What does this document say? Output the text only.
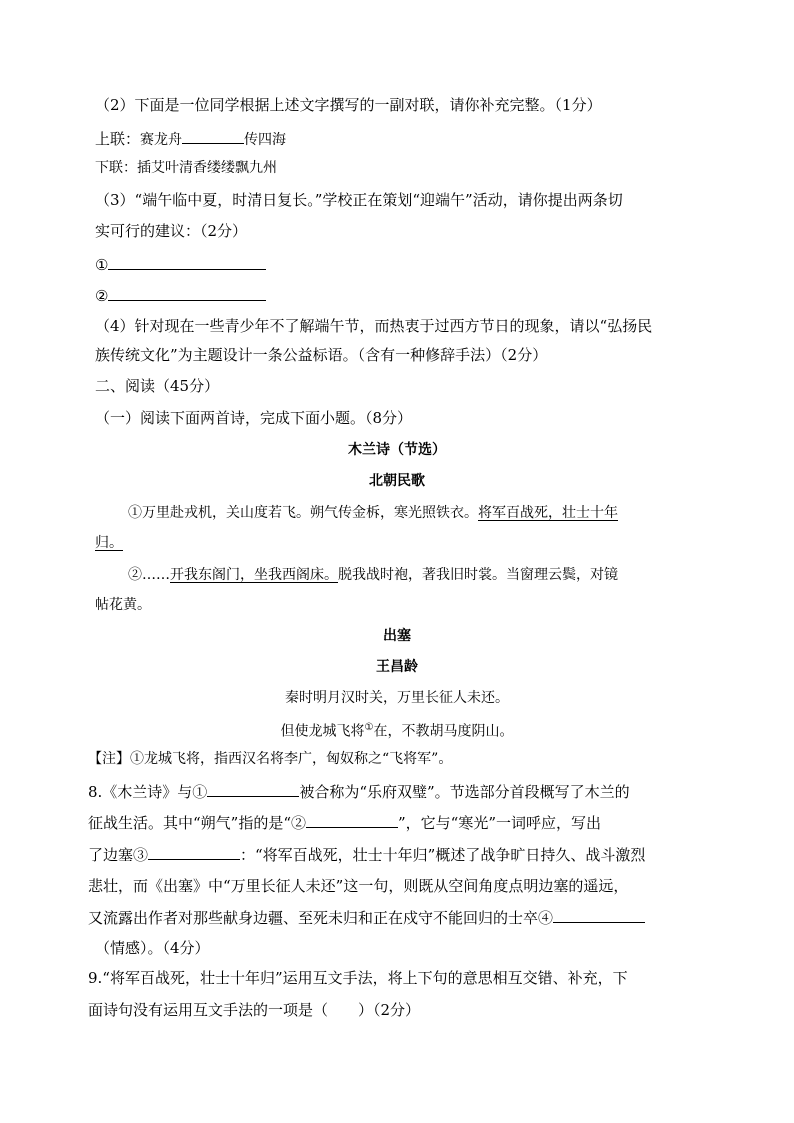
（2）下面是一位同学根据上述文字撰写的一副对联，请你补充完整。（1分）
上联：赛龙舟	传四海
下联：插艾叶清香缕缕飘九州
（3）“端午临中夏，时清日复长。”学校正在策划“迎端午”活动，请你提出两条切
实可行的建议：（2分）
①
②
（4）针对现在一些青少年不了解端午节，而热衷于过西方节日的现象，请以“弘扬民
族传统文化”为主题设计一条公益标语。（含有一种修辞手法）（2分）
二、阅读（45分）
（一）阅读下面两首诗，完成下面小题。（8分）
木兰诗（节选）
北朝民歌
①万里赴戎机，关山度若飞。朔气传金柝，寒光照铁衣。将军百战死，壮士十年
归。
②……开我东阁门，坐我西阁床。脱我战时袍，著我旧时裳。当窗理云鬓，对镜
帖花黄。
出塞
王昌龄
秦时明月汉时关，万里长征人未还。
但使龙城飞将①在，不教胡马度阴山。
【注】①龙城飞将，指西汉名将李广，匈奴称之“飞将军”。
8.《木兰诗》与①	被合称为“乐府双璧”。节选部分首段概写了木兰的
征战生活。其中“朔气”指的是“②	”，它与“寒光”一词呼应，写出
了边塞③	：“将军百战死，壮士十年归”概述了战争旷日持久、战斗激烈
悲壮，而《出塞》中“万里长征人未还”这一句，则既从空间角度点明边塞的遥远，
又流露出作者对那些献身边疆、至死未归和正在戍守不能回归的士卒④
（情感）。（4分）
9.“将军百战死，壮士十年归”运用互文手法，将上下句的意思相互交错、补充，下
面诗句没有运用互文手法的一项是（　　）（2分）
